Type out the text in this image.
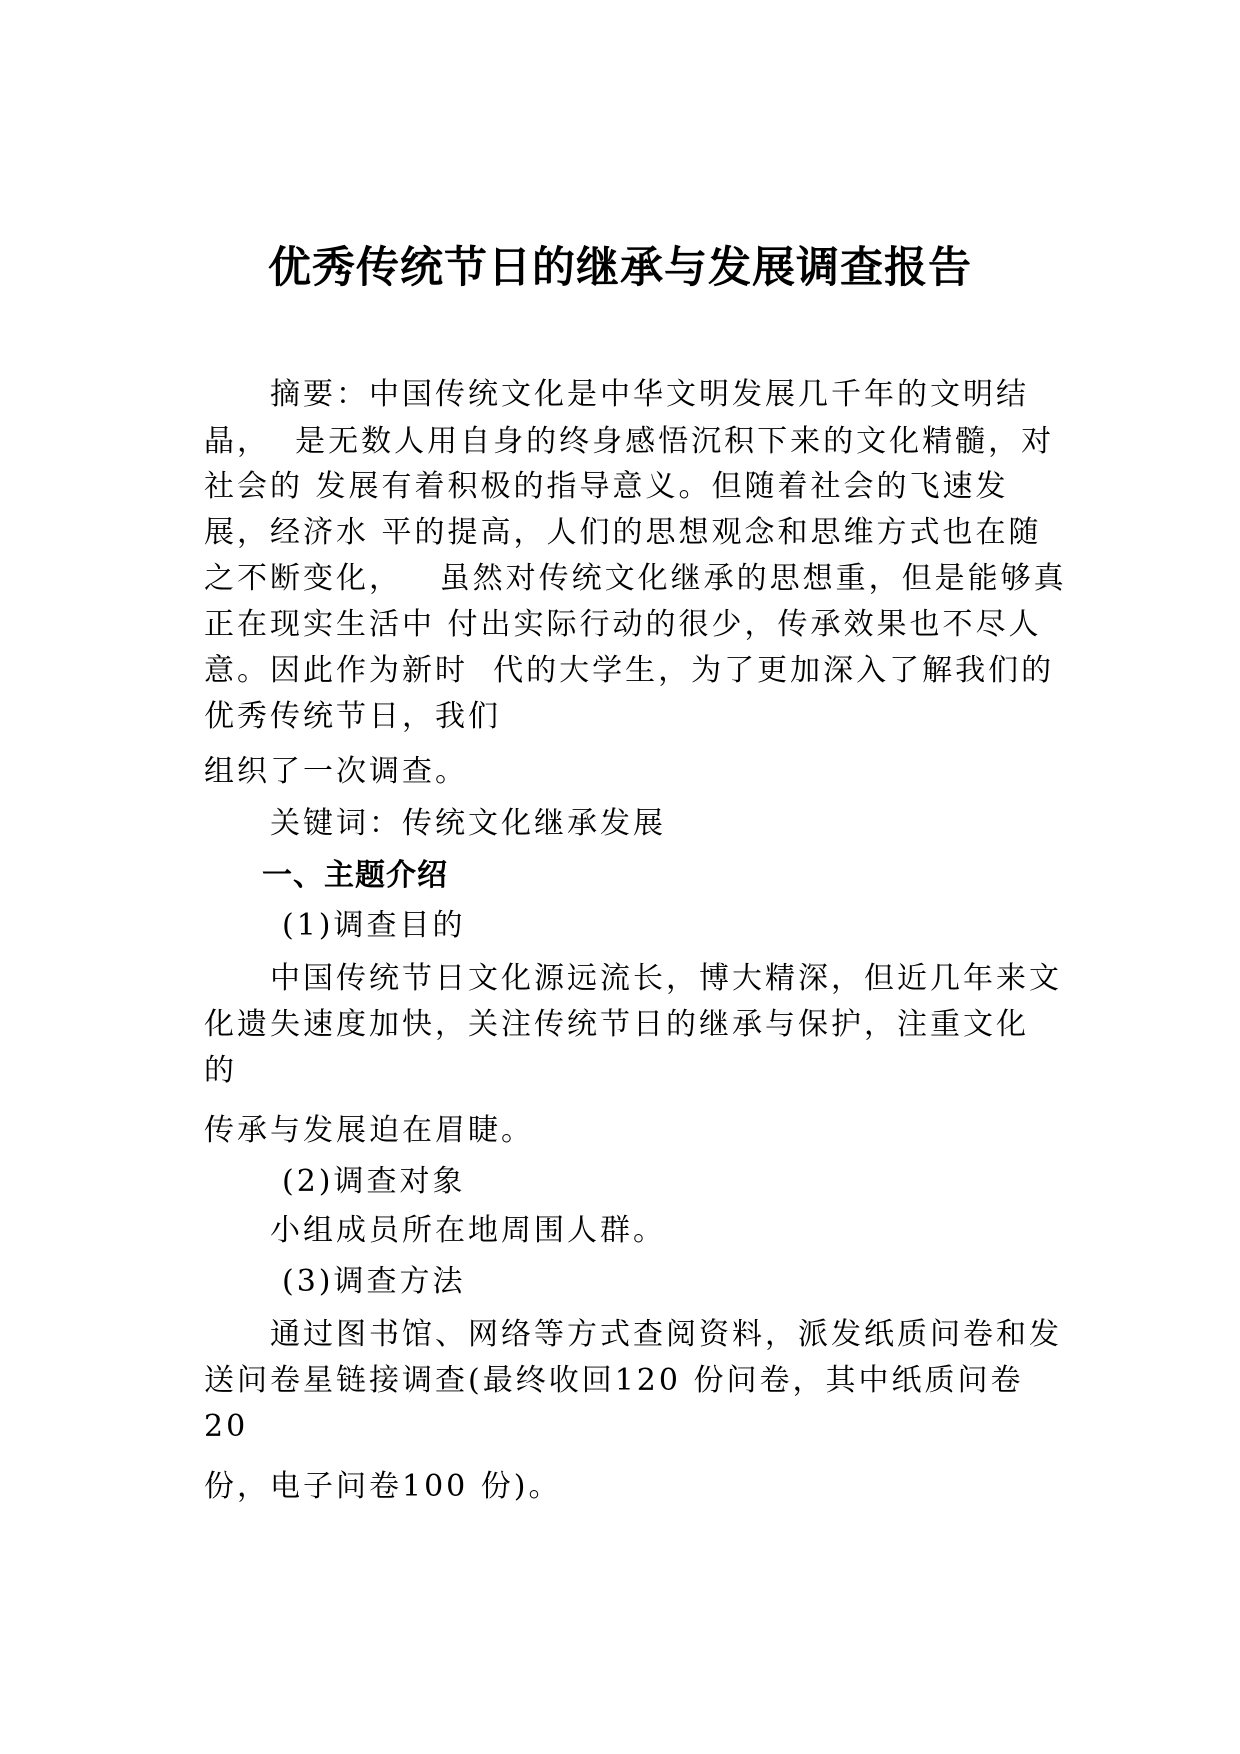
优秀传统节日的继承与发展调查报告
摘要：中国传统文化是中华文明发展几千年的文明结
晶，  是无数人用自身的终身感悟沉积下来的文化精髓，对
社会的 发展有着积极的指导意义。但随着社会的飞速发
展，经济水 平的提高，人们的思想观念和思维方式也在随
之不断变化，   虽然对传统文化继承的思想重，但是能够真
正在现实生活中 付出实际行动的很少，传承效果也不尽人
意。因此作为新时  代的大学生，为了更加深入了解我们的
优秀传统节日，我们
组织了一次调查。
关键词：传统文化继承发展
一、主题介绍
(1)调查目的
中国传统节日文化源远流长，博大精深，但近几年来文
化遗失速度加快，关注传统节日的继承与保护，注重文化
的
传承与发展迫在眉睫。
(2)调查对象
小组成员所在地周围人群。
(3)调查方法
通过图书馆、网络等方式查阅资料，派发纸质问卷和发
送问卷星链接调查(最终收回120 份问卷，其中纸质问卷
20
份，电子问卷100 份)。
